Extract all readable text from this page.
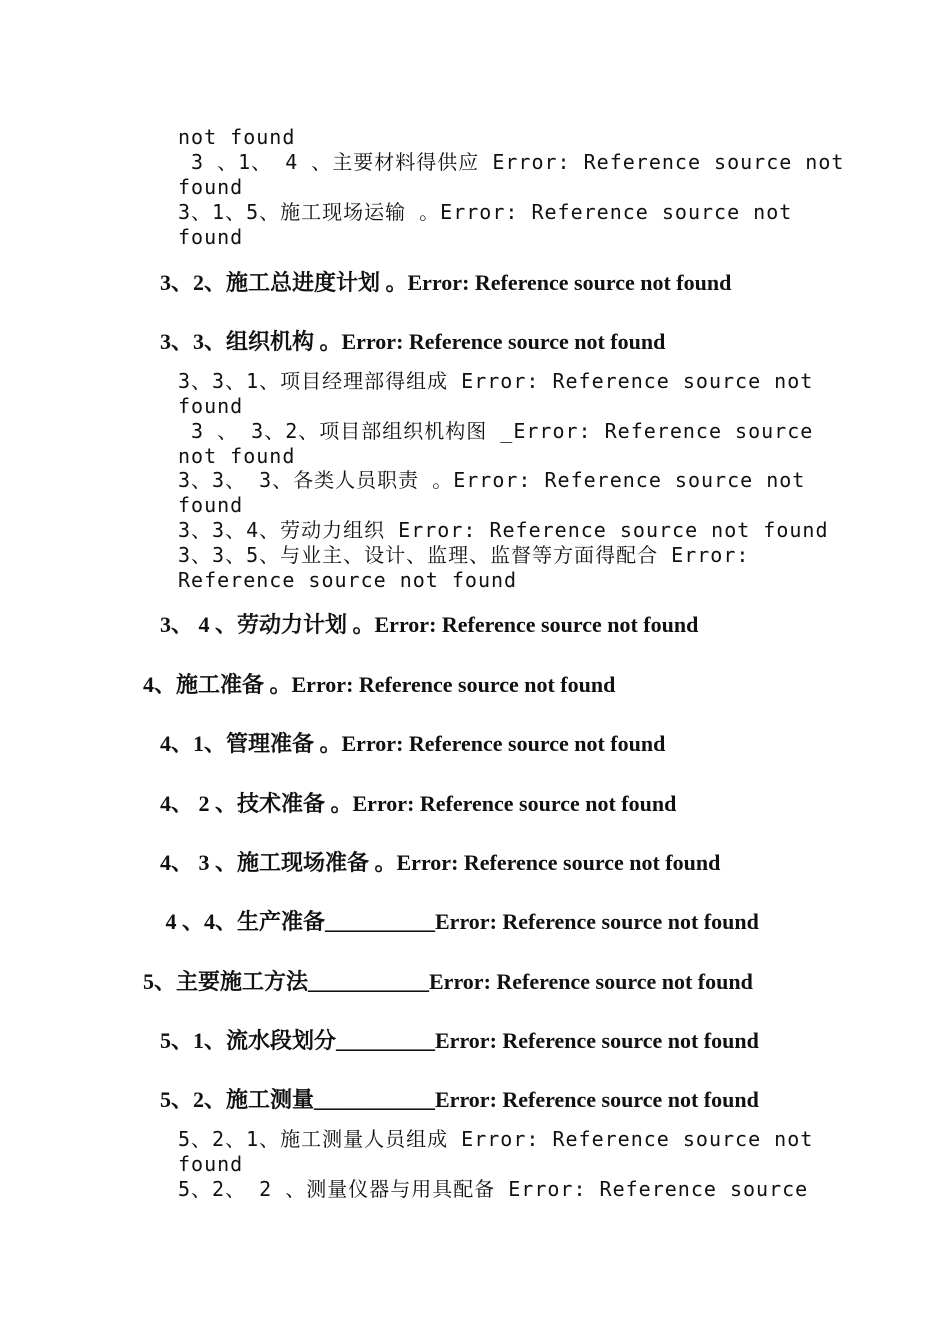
not found
3 、1、 4 、主要材料得供应 Error: Reference source not
found
3、1、5、施工现场运输 。Error: Reference source not
found
3、2、施工总进度计划 。Error: Reference source not found
3、3、组织机构 。Error: Reference source not found
3、3、1、项目经理部得组成 Error: Reference source not
found
3 、 3、2、项目部组织机构图 _Error: Reference source
not found
3、3、 3、各类人员职责 。Error: Reference source not
found
3、3、4、劳动力组织 Error: Reference source not found
3、3、5、与业主、设计、监理、监督等方面得配合 Error:
Reference source not found
3、 4 、劳动力计划 。Error: Reference source not found
4、施工准备 。Error: Reference source not found
4、1、管理准备 。Error: Reference source not found
4、 2 、技术准备 。Error: Reference source not found
4、 3 、施工现场准备 。Error: Reference source not found
4 、4、生产准备__________Error: Reference source not found
5、主要施工方法___________Error: Reference source not found
5、1、流水段划分_________Error: Reference source not found
5、2、施工测量___________Error: Reference source not found
5、2、1、施工测量人员组成 Error: Reference source not
found
5、2、 2 、测量仪器与用具配备 Error: Reference source
